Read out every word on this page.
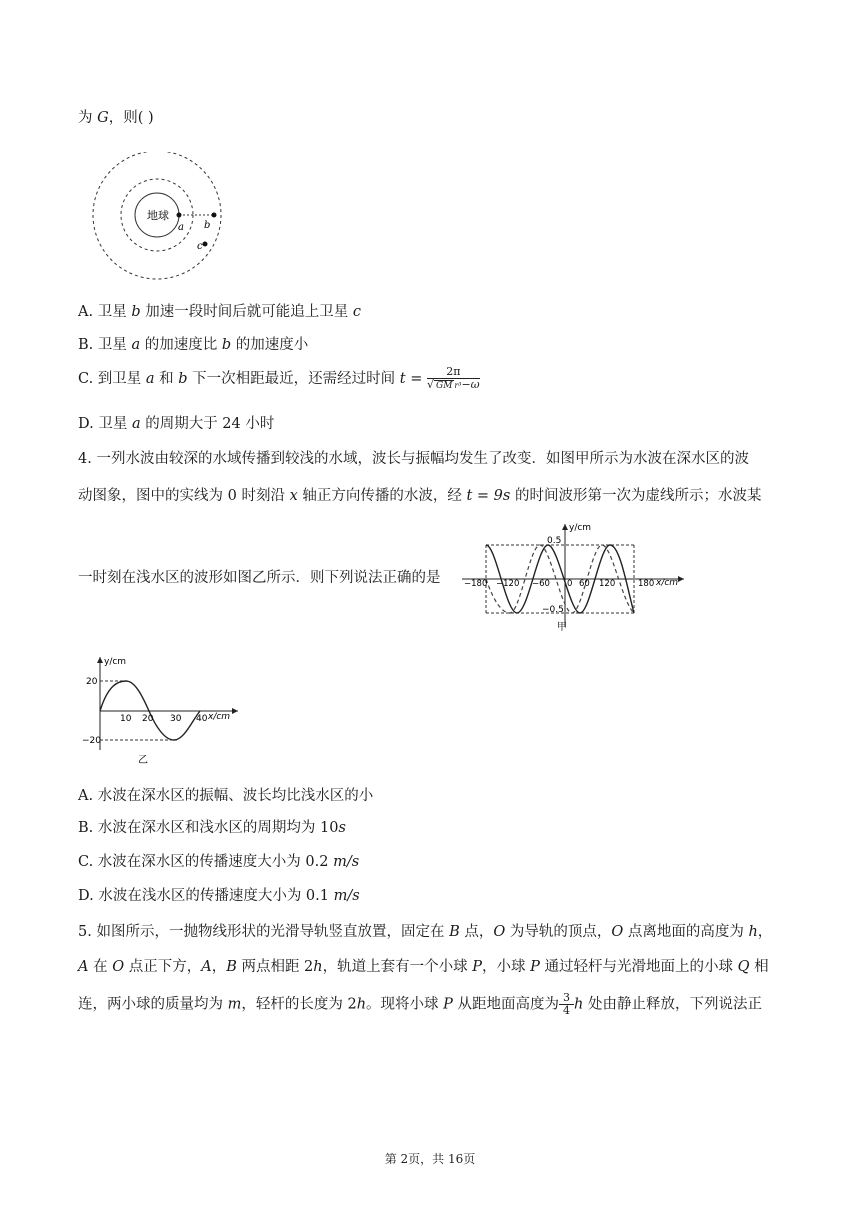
为 G，则( )
地球
a b
c
A. 卫星 b 加速一段时间后就可能追上卫星 c
B. 卫星 a 的加速度比 b 的加速度小
C. 到卫星 a 和 b 下一次相距最近，还需经过时间 $t = \frac{2\pi}{\text{√ GM r³−ω}}$
D. 卫星 a 的周期大于 24 小时
4. 一列水波由较深的水域传播到较浅的水域，波长与振幅均发生了改变．如图甲所示为水波在深水区的波
动图象，图中的实线为 0 时刻沿 x 轴正方向传播的水波，经 t = 9s 的时间波形第一次为虚线所示；水波某
一时刻在浅水区的波形如图乙所示．则下列说法正确的是
y/cm
0.5
−0.5
x/cm
−180 −120 −60 0 60 120	180
甲
y/cm
20
−20
x/cm
10 20 30 40
乙
A. 水波在深水区的振幅、波长均比浅水区的小
B. 水波在深水区和浅水区的周期均为 10s
C. 水波在深水区的传播速度大小为 0.2 m/s
D. 水波在浅水区的传播速度大小为 0.1 m/s
5. 如图所示，一抛物线形状的光滑导轨竖直放置，固定在 B 点，O 为导轨的顶点，O 点离地面的高度为 h，
A 在 O 点正下方，A，B 两点相距 2h，轨道上套有一个小球 P，小球 P 通过轻杆与光滑地面上的小球 Q 相
连，两小球的质量均为 m，轻杆的长度为 2h。现将小球 P 从距地面高度为 $\frac{3}{4}$ h 处由静止释放，下列说法正
第 2页，共 16页
